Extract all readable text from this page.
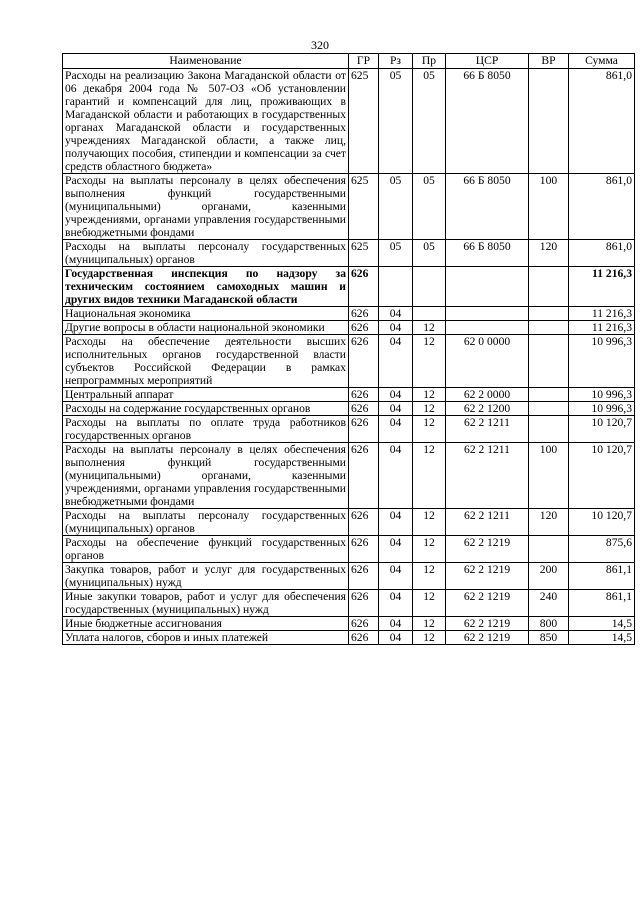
320
Наименование	ГР	Рз	Пр	ЦСР	ВР	Сумма
Расходы на реализацию Закона Магаданской области от 06 декабря 2004 года № 507-ОЗ «Об установлении гарантий и компенсаций для лиц, проживающих в Магаданской области и работающих в государственных органах Магаданской области и государственных учреждениях Магаданской области, а также лиц, получающих пособия, стипендии и компенсации за счет средств областного бюджета»	625	05	05	66 Б 8050		861,0
Расходы на выплаты персоналу в целях обеспечения выполнения функций государственными (муниципальными) органами, казенными учреждениями, органами управления государственными внебюджетными фондами	625	05	05	66 Б 8050	100	861,0
Расходы на выплаты персоналу государственных (муниципальных) органов	625	05	05	66 Б 8050	120	861,0
Государственная инспекция по надзору за техническим состоянием самоходных машин и других видов техники Магаданской области	626					11 216,3
Национальная экономика	626	04				11 216,3
Другие вопросы в области национальной экономики	626	04	12			11 216,3
Расходы на обеспечение деятельности высших исполнительных органов государственной власти субъектов Российской Федерации в рамках непрограммных мероприятий	626	04	12	62 0 0000		10 996,3
Центральный аппарат	626	04	12	62 2 0000		10 996,3
Расходы на содержание государственных органов	626	04	12	62 2 1200		10 996,3
Расходы на выплаты по оплате труда работников государственных органов	626	04	12	62 2 1211		10 120,7
Расходы на выплаты персоналу в целях обеспечения выполнения функций государственными (муниципальными) органами, казенными учреждениями, органами управления государственными внебюджетными фондами	626	04	12	62 2 1211	100	10 120,7
Расходы на выплаты персоналу государственных (муниципальных) органов	626	04	12	62 2 1211	120	10 120,7
Расходы на обеспечение функций государственных органов	626	04	12	62 2 1219		875,6
Закупка товаров, работ и услуг для государственных (муниципальных) нужд	626	04	12	62 2 1219	200	861,1
Иные закупки товаров, работ и услуг для обеспечения государственных (муниципальных) нужд	626	04	12	62 2 1219	240	861,1
Иные бюджетные ассигнования	626	04	12	62 2 1219	800	14,5
Уплата налогов, сборов и иных платежей	626	04	12	62 2 1219	850	14,5
